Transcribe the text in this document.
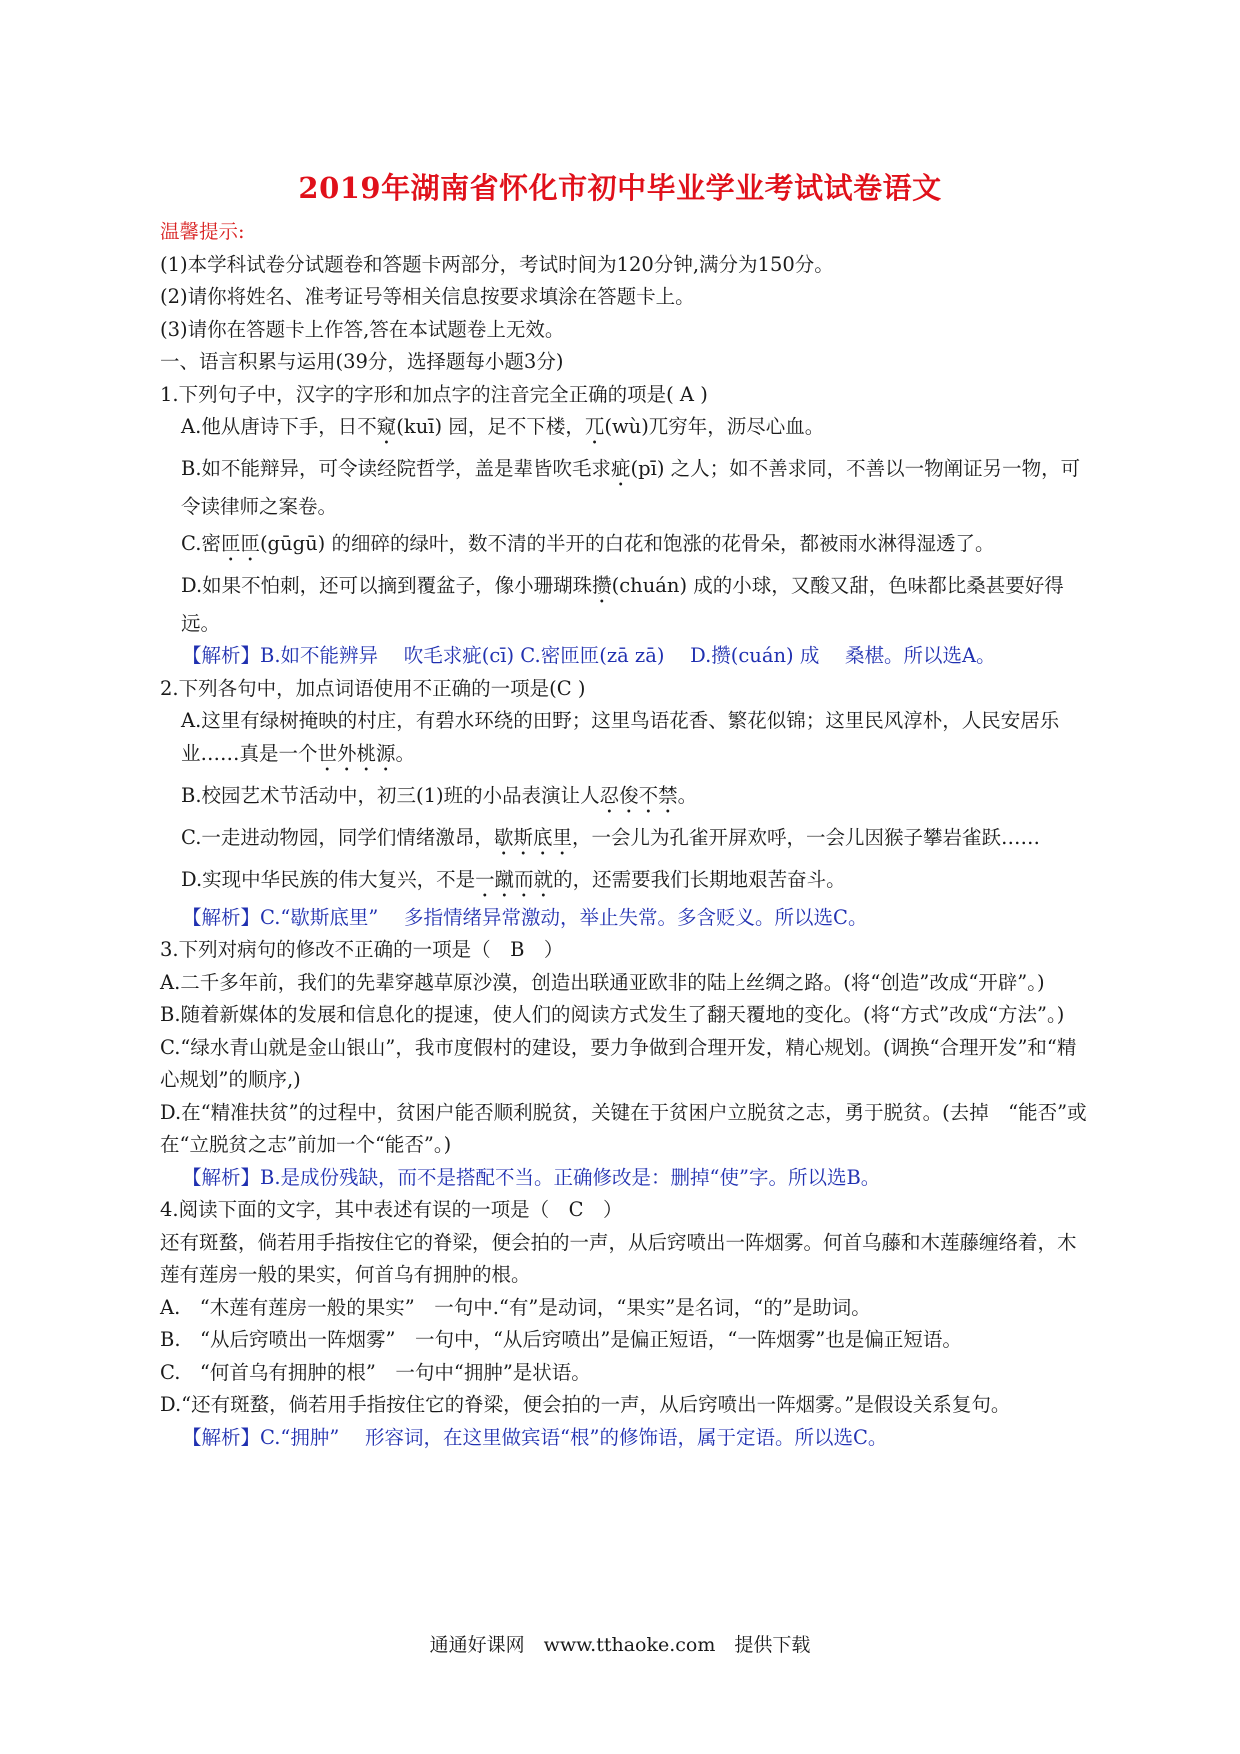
2019年湖南省怀化市初中毕业学业考试试卷语文

温馨提示:

(1)本学科试卷分试题卷和答题卡两部分，考试时间为120分钟,满分为150分。

(2)请你将姓名、准考证号等相关信息按要求填涂在答题卡上。

(3)请你在答题卡上作答,答在本试题卷上无效。

一、语言积累与运用(39分，选择题每小题3分)

1.下列句子中，汉字的字形和加点字的注音完全正确的项是( A )

A.他从唐诗下手，日不窥(kuī) 园，足不下楼，兀(wù)兀穷年，沥尽心血。

B.如不能辩异，可令读经院哲学，盖是辈皆吹毛求疵(pī) 之人；如不善求同，不善以一物阐证另一物，可令读律师之案卷。

C.密匝匝(gūgū) 的细碎的绿叶，数不清的半开的白花和饱涨的花骨朵，都被雨水淋得湿透了。

D.如果不怕刺，还可以摘到覆盆子，像小珊瑚珠攒(chuán) 成的小球，又酸又甜，色味都比桑甚要好得远。

【解析】B.如不能辨异　 吹毛求疵(cī) C.密匝匝(zā zā)　 D.攒(cuán) 成　 桑椹。所以选A。

2.下列各句中，加点词语使用不正确的一项是(C )

A.这里有绿树掩映的村庄，有碧水环绕的田野；这里鸟语花香、繁花似锦；这里民风淳朴，人民安居乐业……真是一个世外桃源。

B.校园艺术节活动中，初三(1)班的小品表演让人忍俊不禁。

C.一走进动物园，同学们情绪激昂，歇斯底里，一会儿为孔雀开屏欢呼，一会儿因猴子攀岩雀跃……

D.实现中华民族的伟大复兴，不是一蹴而就的，还需要我们长期地艰苦奋斗。

【解析】C.“歇斯底里”　 多指情绪异常激动，举止失常。多含贬义。所以选C。

3.下列对病句的修改不正确的一项是（　B　）

A.二千多年前，我们的先辈穿越草原沙漠，创造出联通亚欧非的陆上丝绸之路。(将“创造”改成“开辟”。)

B.随着新媒体的发展和信息化的提速，使人们的阅读方式发生了翻天覆地的变化。(将“方式”改成“方法”。)

C.“绿水青山就是金山银山”，我市度假村的建设，要力争做到合理开发，精心规划。(调换“合理开发”和“精心规划”的顺序,)

D.在“精准扶贫”的过程中，贫困户能否顺利脱贫，关键在于贫困户立脱贫之志，勇于脱贫。(去掉　“能否”或在“立脱贫之志”前加一个“能否”。)

【解析】B.是成份残缺，而不是搭配不当。正确修改是：删掉“使”字。所以选B。

4.阅读下面的文字，其中表述有误的一项是（　C　）

还有斑蝥，倘若用手指按住它的脊梁，便会拍的一声，从后窍喷出一阵烟雾。何首乌藤和木莲藤缠络着，木莲有莲房一般的果实，何首乌有拥肿的根。

A.　“木莲有莲房一般的果实”　一句中.“有”是动词，“果实”是名词，“的”是助词。

B.　“从后窍喷出一阵烟雾”　一句中，“从后窍喷出”是偏正短语，“一阵烟雾”也是偏正短语。

C.　“何首乌有拥肿的根”　一句中“拥肿”是状语。

D.“还有斑蝥，倘若用手指按住它的脊梁，便会拍的一声，从后窍喷出一阵烟雾。”是假设关系复句。

【解析】C.“拥肿”　 形容词，在这里做宾语“根”的修饰语，属于定语。所以选C。

通通好课网　www.tthaoke.com　提供下载
